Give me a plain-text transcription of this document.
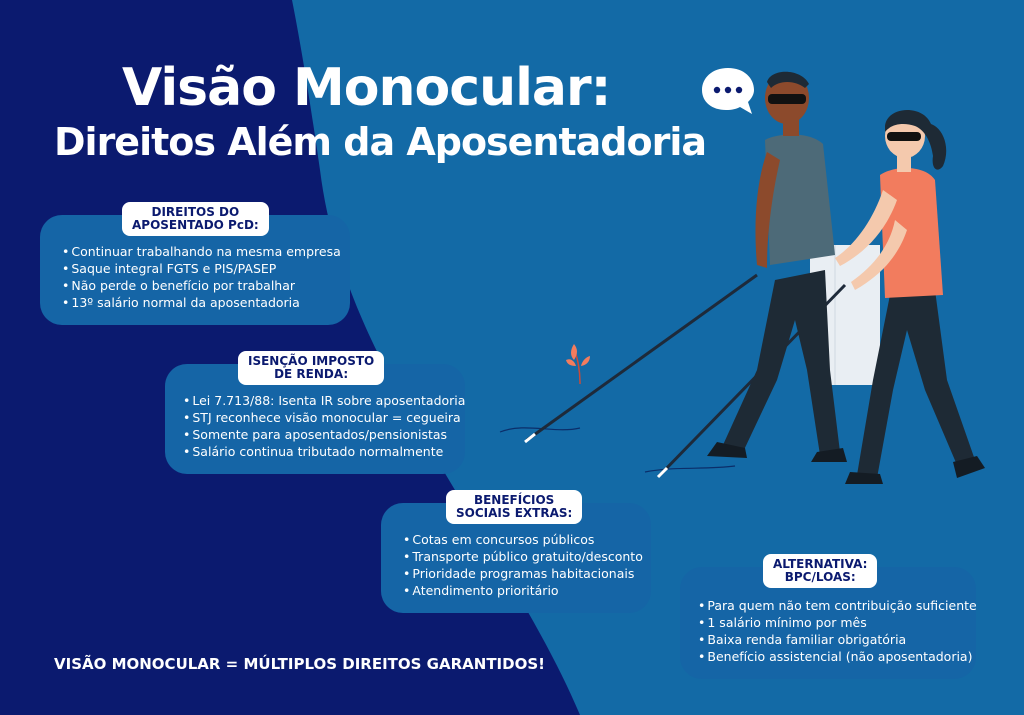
Visão Monocular:
Direitos Além da Aposentadoria
• Continuar trabalhando na mesma empresa
• Saque integral FGTS e PIS/PASEP
• Não perde o benefício por trabalhar
• 13º salário normal da aposentadoria
DIREITOS DO
APOSENTADO PcD:
• Lei 7.713/88: Isenta IR sobre aposentadoria
• STJ reconhece visão monocular = cegueira
• Somente para aposentados/pensionistas
• Salário continua tributado normalmente
ISENÇÃO IMPOSTO
DE RENDA:
• Cotas em concursos públicos
• Transporte público gratuito/desconto
• Prioridade programas habitacionais
• Atendimento prioritário
BENEFÍCIOS
SOCIAIS EXTRAS:
• Para quem não tem contribuição suficiente
• 1 salário mínimo por mês
• Baixa renda familiar obrigatória
• Benefício assistencial (não aposentadoria)
ALTERNATIVA:
BPC/LOAS:
VISÃO MONOCULAR = MÚLTIPLOS DIREITOS GARANTIDOS!
